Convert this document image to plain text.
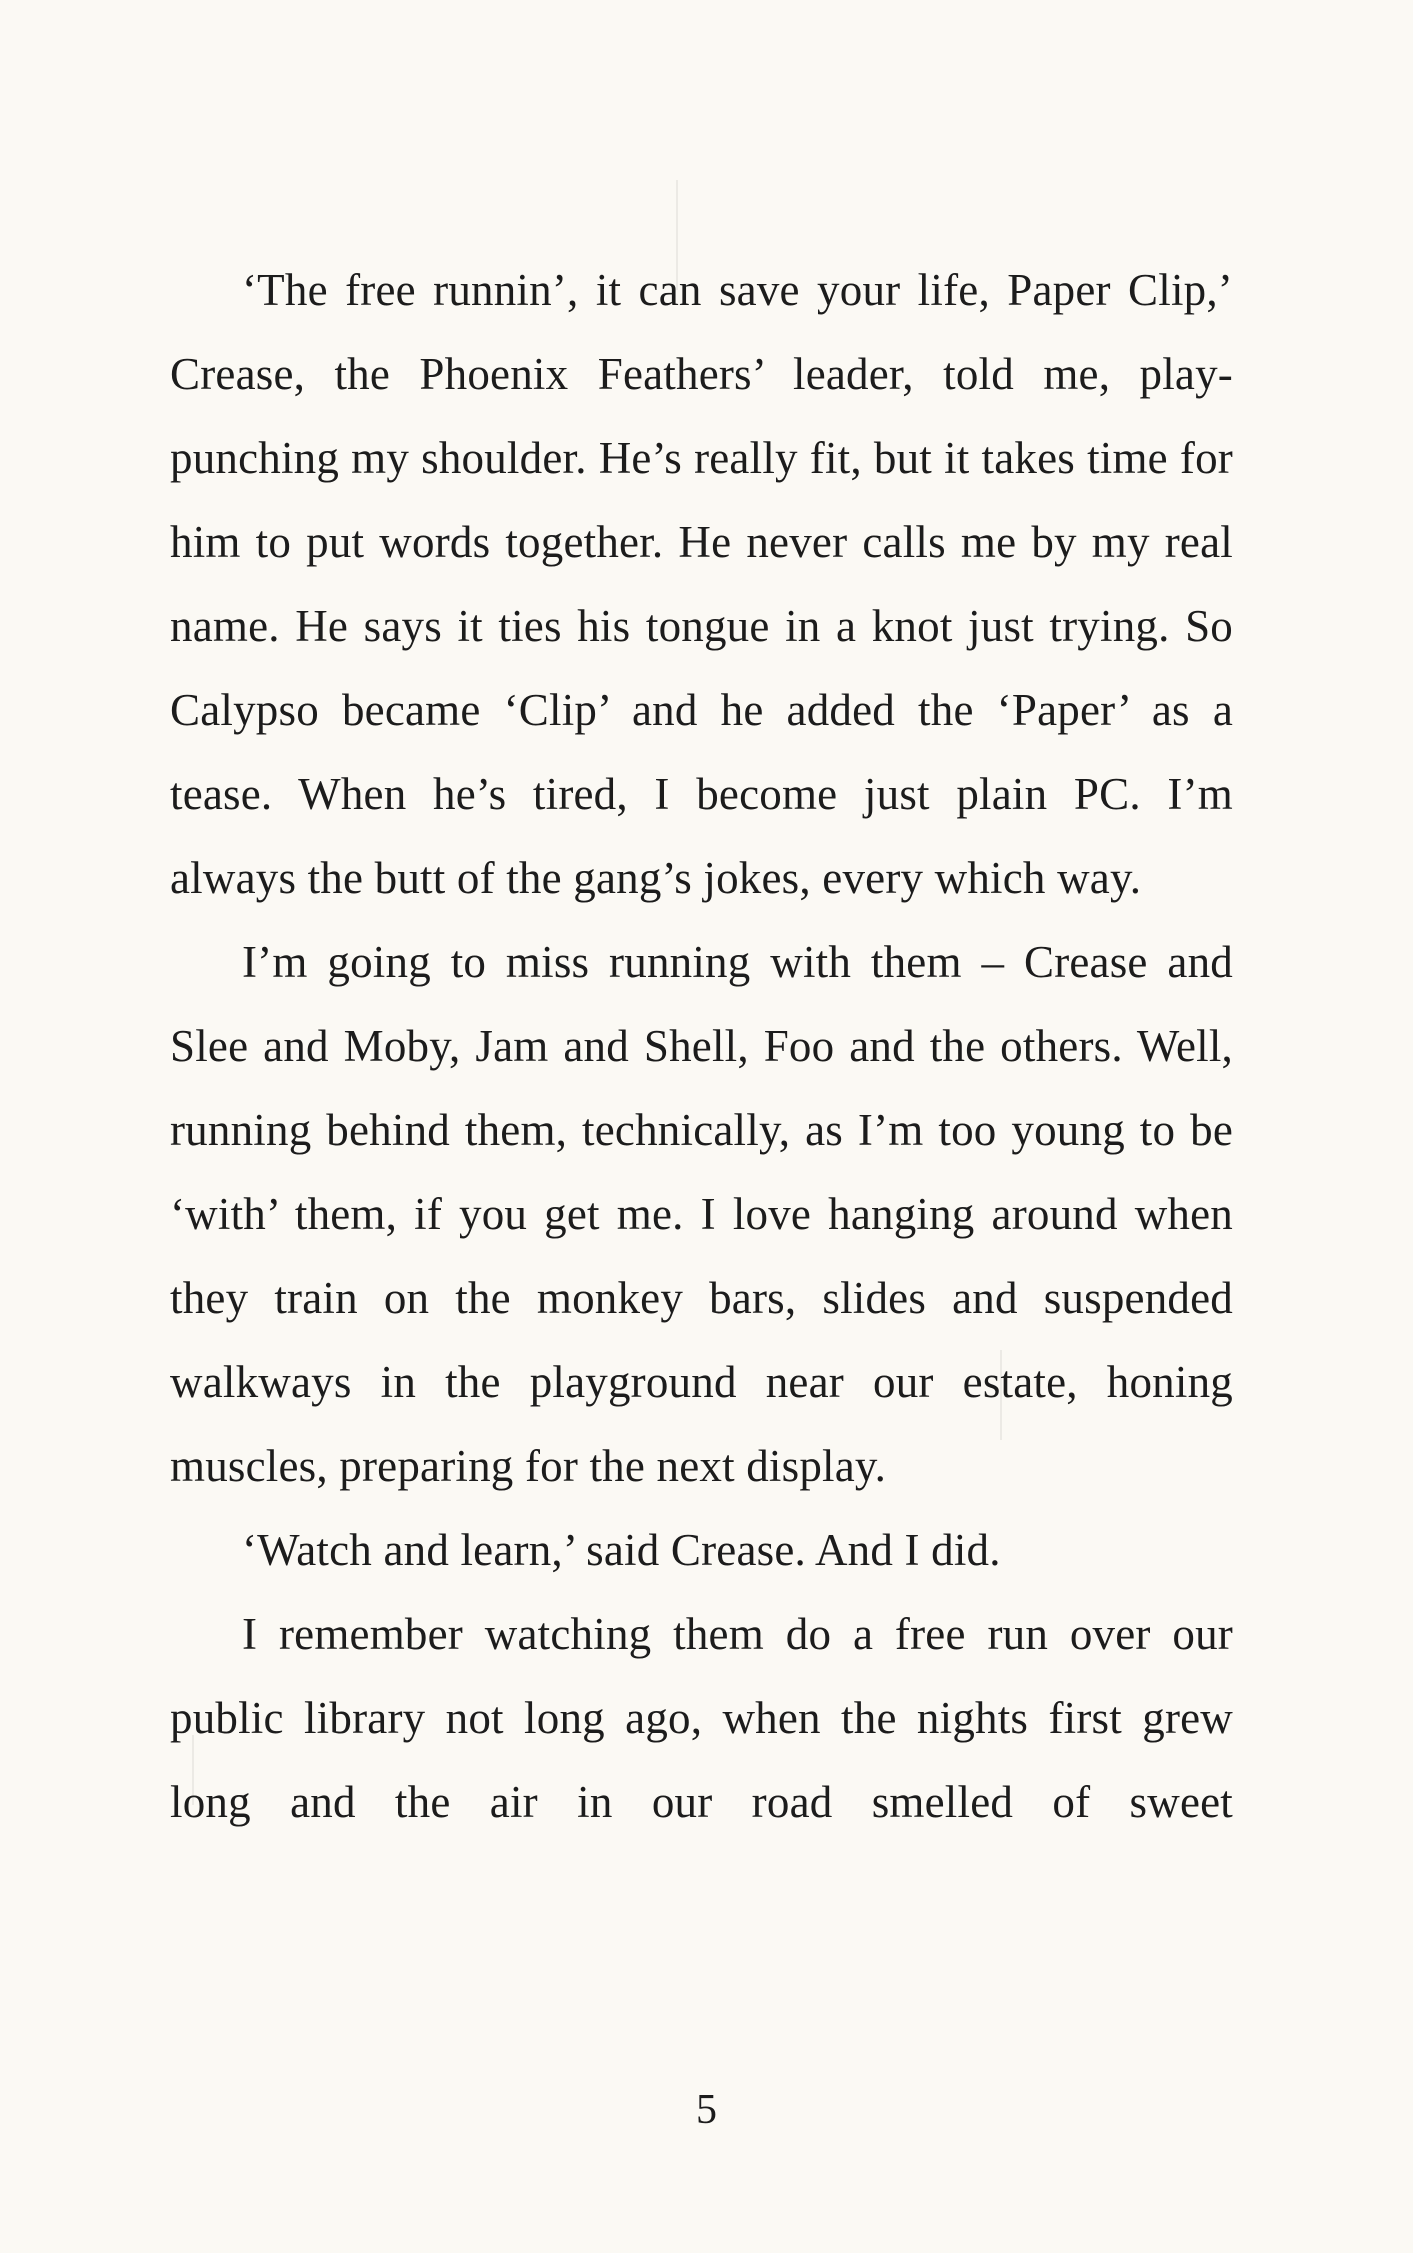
‘The free runnin’, it can save your life, Paper Clip,’ Crease, the Phoenix Feathers’ leader, told me, play-punching my shoulder. He’s really fit, but it takes time for him to put words together. He never calls me by my real name. He says it ties his tongue in a knot just trying. So Calypso became ‘Clip’ and he added the ‘Paper’ as a tease. When he’s tired, I become just plain PC. I’m always the butt of the gang’s jokes, every which way.

I’m going to miss running with them – Crease and Slee and Moby, Jam and Shell, Foo and the others. Well, running behind them, technically, as I’m too young to be ‘with’ them, if you get me. I love hanging around when they train on the monkey bars, slides and suspended walkways in the playground near our estate, honing muscles, preparing for the next display.

‘Watch and learn,’ said Crease. And I did.

I remember watching them do a free run over our public library not long ago, when the nights first grew long and the air in our road smelled of sweet

5
